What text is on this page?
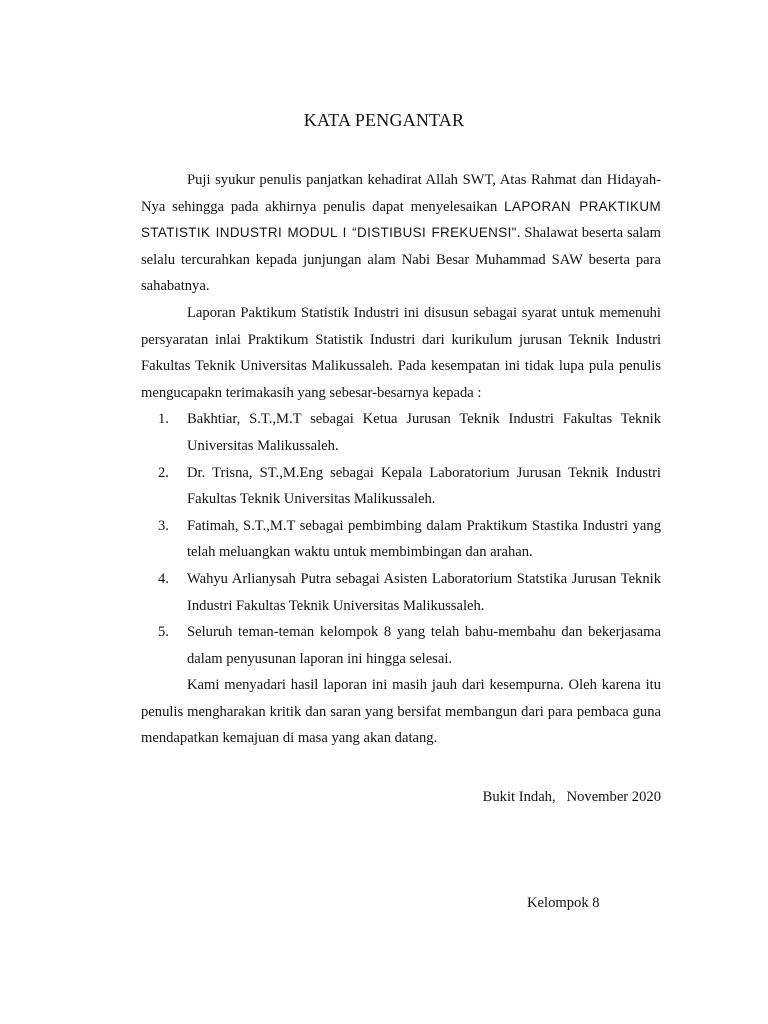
KATA PENGANTAR

Puji syukur penulis panjatkan kehadirat Allah SWT, Atas Rahmat dan Hidayah-Nya sehingga pada akhirnya penulis dapat menyelesaikan LAPORAN PRAKTIKUM STATISTIK INDUSTRI MODUL I “DISTIBUSI FREKUENSI". Shalawat beserta salam selalu tercurahkan kepada junjungan alam Nabi Besar Muhammad SAW beserta para sahabatnya.

Laporan Paktikum Statistik Industri ini disusun sebagai syarat untuk memenuhi persyaratan inlai Praktikum Statistik Industri dari kurikulum jurusan Teknik Industri Fakultas Teknik Universitas Malikussaleh. Pada kesempatan ini tidak lupa pula penulis mengucapakn terimakasih yang sebesar-besarnya kepada :

1. Bakhtiar, S.T.,M.T sebagai Ketua Jurusan Teknik Industri Fakultas Teknik Universitas Malikussaleh.
2. Dr. Trisna, ST.,M.Eng sebagai Kepala Laboratorium Jurusan Teknik Industri Fakultas Teknik Universitas Malikussaleh.
3. Fatimah, S.T.,M.T sebagai pembimbing dalam Praktikum Stastika Industri yang telah meluangkan waktu untuk membimbingan dan arahan.
4. Wahyu Arlianysah Putra sebagai Asisten Laboratorium Statstika Jurusan Teknik Industri Fakultas Teknik Universitas Malikussaleh.
5. Seluruh teman-teman kelompok 8 yang telah bahu-membahu dan bekerjasama dalam penyusunan laporan ini hingga selesai.

Kami menyadari hasil laporan ini masih jauh dari kesempurna. Oleh karena itu penulis mengharakan kritik dan saran yang bersifat membangun dari para pembaca guna mendapatkan kemajuan di masa yang akan datang.

Bukit Indah,   November 2020
Kelompok 8
